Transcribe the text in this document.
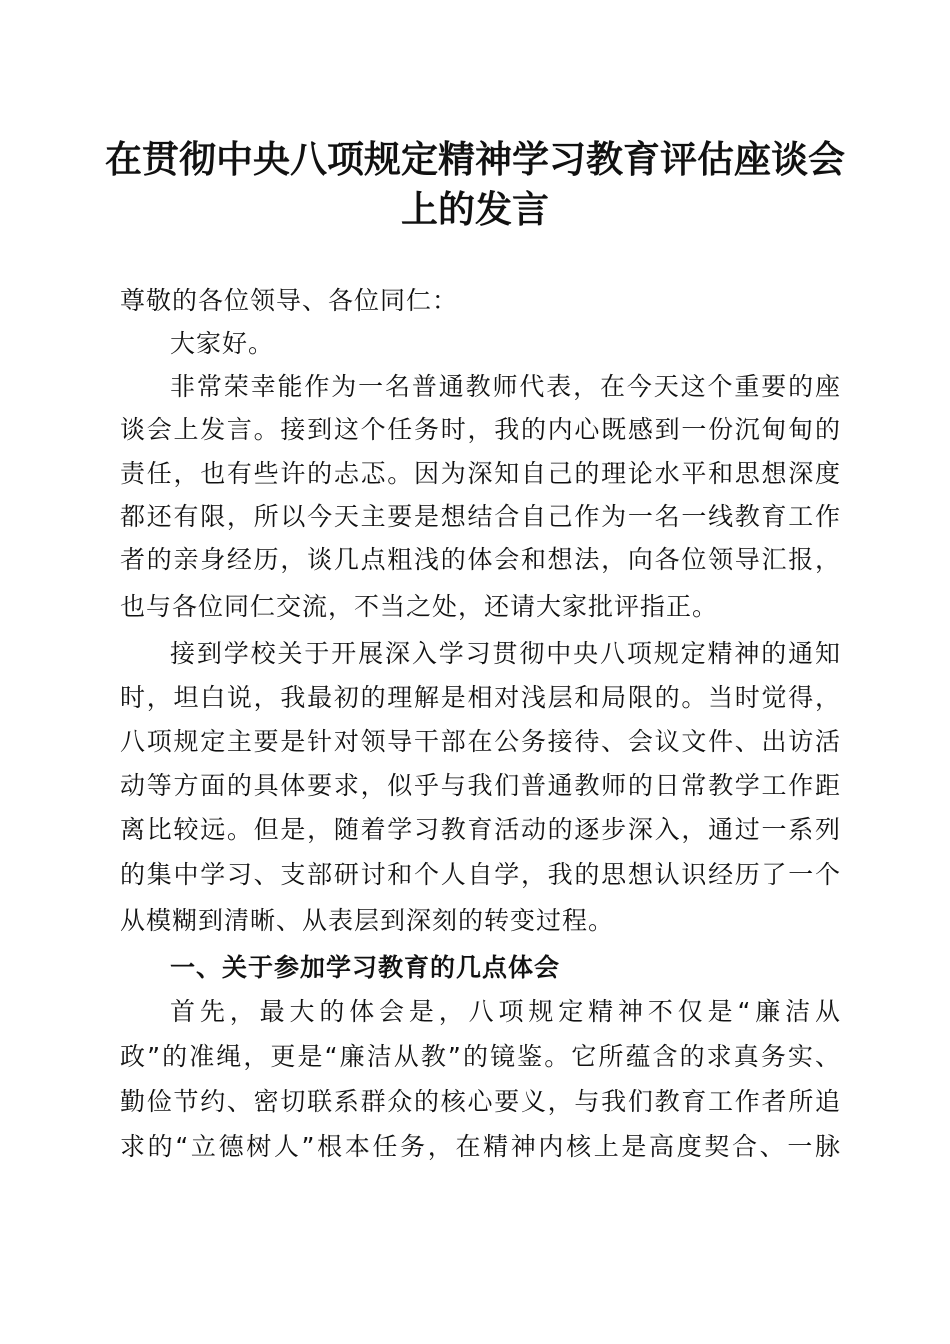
在贯彻中央八项规定精神学习教育评估座谈会
上的发言
尊敬的各位领导、各位同仁：
大家好。
非常荣幸能作为一名普通教师代表，在今天这个重要的座
谈会上发言。接到这个任务时，我的内心既感到一份沉甸甸的
责任，也有些许的忐忑。因为深知自己的理论水平和思想深度
都还有限，所以今天主要是想结合自己作为一名一线教育工作
者的亲身经历，谈几点粗浅的体会和想法，向各位领导汇报，
也与各位同仁交流，不当之处，还请大家批评指正。
接到学校关于开展深入学习贯彻中央八项规定精神的通知
时，坦白说，我最初的理解是相对浅层和局限的。当时觉得，
八项规定主要是针对领导干部在公务接待、会议文件、出访活
动等方面的具体要求，似乎与我们普通教师的日常教学工作距
离比较远。但是，随着学习教育活动的逐步深入，通过一系列
的集中学习、支部研讨和个人自学，我的思想认识经历了一个
从模糊到清晰、从表层到深刻的转变过程。
一、关于参加学习教育的几点体会
首先，最大的体会是，八项规定精神不仅是“廉洁从
政”的准绳，更是“廉洁从教”的镜鉴。它所蕴含的求真务实、
勤俭节约、密切联系群众的核心要义，与我们教育工作者所追
求的“立德树人”根本任务，在精神内核上是高度契合、一脉
